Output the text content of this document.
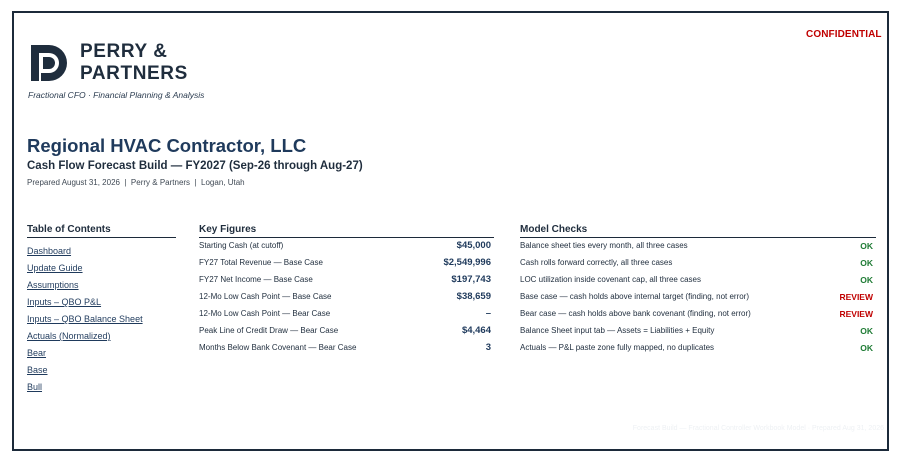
CONFIDENTIAL
PERRY &
PARTNERS
Fractional CFO · Financial Planning & Analysis
Regional HVAC Contractor, LLC
Cash Flow Forecast Build — FY2027 (Sep-26 through Aug-27)
Prepared August 31, 2026  |  Perry & Partners  |  Logan, Utah
Table of Contents
Dashboard
Update Guide
Assumptions
Inputs – QBO P&L
Inputs – QBO Balance Sheet
Actuals (Normalized)
Bear
Base
Bull
Key Figures
Starting Cash (at cutoff)	$45,000
FY27 Total Revenue — Base Case	$2,549,996
FY27 Net Income — Base Case	$197,743
12-Mo Low Cash Point — Base Case	$38,659
12-Mo Low Cash Point — Bear Case	–
Peak Line of Credit Draw — Bear Case	$4,464
Months Below Bank Covenant — Bear Case	3
Model Checks
Balance sheet ties every month, all three cases	OK
Cash rolls forward correctly, all three cases	OK
LOC utilization inside covenant cap, all three cases	OK
Base case — cash holds above internal target (finding, not error)	REVIEW
Bear case — cash holds above bank covenant (finding, not error)	REVIEW
Balance Sheet input tab — Assets = Liabilities + Equity	OK
Actuals — P&L paste zone fully mapped, no duplicates	OK
Forecast Build — Fractional Controller Workbook Model · Prepared Aug 31, 2026
